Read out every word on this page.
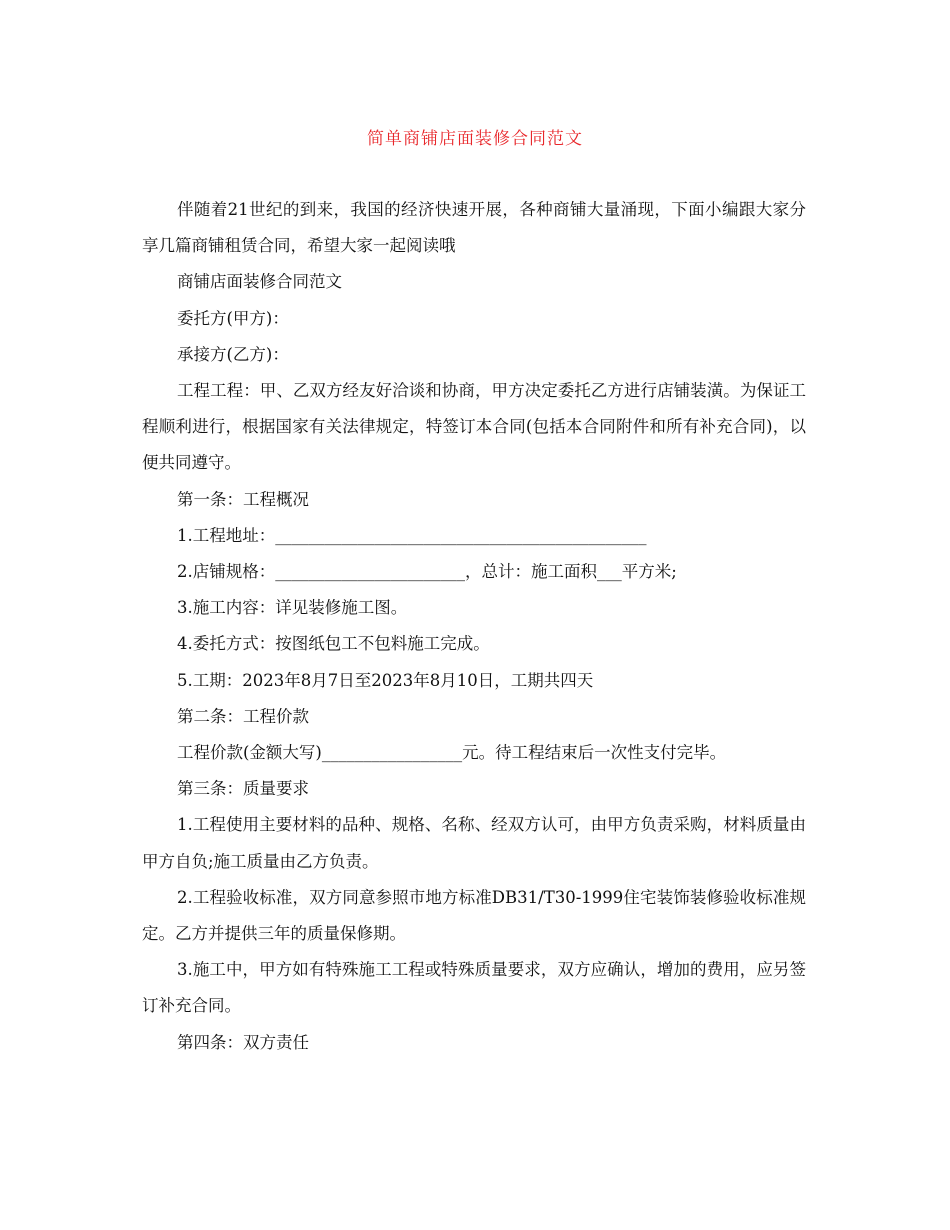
简单商铺店面装修合同范文

伴随着21世纪的到来，我国的经济快速开展，各种商铺大量涌现，下面小编跟大家分享几篇商铺租赁合同，希望大家一起阅读哦

商铺店面装修合同范文

委托方(甲方)：

承接方(乙方)：

工程工程：甲、乙双方经友好洽谈和协商，甲方决定委托乙方进行店铺装潢。为保证工程顺利进行，根据国家有关法律规定，特签订本合同(包括本合同附件和所有补充合同)，以便共同遵守。

第一条：工程概况

1.工程地址：_____________________________________________

2.店铺规格：_______________________，总计：施工面积___平方米;

3.施工内容：详见装修施工图。

4.委托方式：按图纸包工不包料施工完成。

5.工期：2023年8月7日至2023年8月10日，工期共四天

第二条：工程价款

工程价款(金额大写)_________________元。待工程结束后一次性支付完毕。

第三条：质量要求

1.工程使用主要材料的品种、规格、名称、经双方认可，由甲方负责采购，材料质量由甲方自负;施工质量由乙方负责。

2.工程验收标准，双方同意参照市地方标准DB31/T30-1999住宅装饰装修验收标准规定。乙方并提供三年的质量保修期。

3.施工中，甲方如有特殊施工工程或特殊质量要求，双方应确认，增加的费用，应另签订补充合同。

第四条：双方责任
